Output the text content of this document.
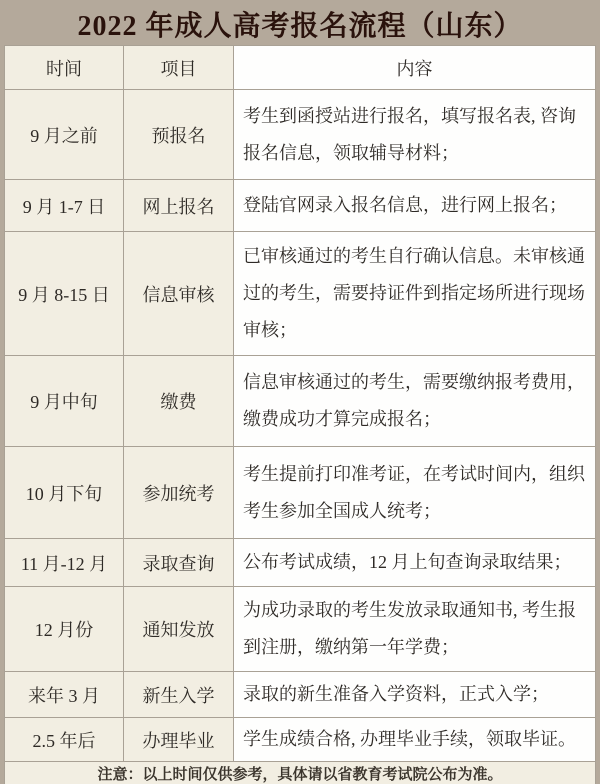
2022 年成人高考报名流程（山东）
时间	项目	内容
9 月之前	预报名	考生到函授站进行报名，填写报名表, 咨询报名信息，领取辅导材料；
9 月 1-7 日	网上报名	登陆官网录入报名信息，进行网上报名；
9 月 8-15 日	信息审核	已审核通过的考生自行确认信息。未审核通过的考生，需要持证件到指定场所进行现场审核；
9 月中旬	缴费	信息审核通过的考生，需要缴纳报考费用，缴费成功才算完成报名；
10 月下旬	参加统考	考生提前打印准考证，在考试时间内，组织考生参加全国成人统考；
11 月-12 月	录取查询	公布考试成绩，12 月上旬查询录取结果；
12 月份	通知发放	为成功录取的考生发放录取通知书, 考生报到注册，缴纳第一年学费；
来年 3 月	新生入学	录取的新生准备入学资料，正式入学；
2.5 年后	办理毕业	学生成绩合格, 办理毕业手续，领取毕证。
注意：以上时间仅供参考，具体请以省教育考试院公布为准。		
